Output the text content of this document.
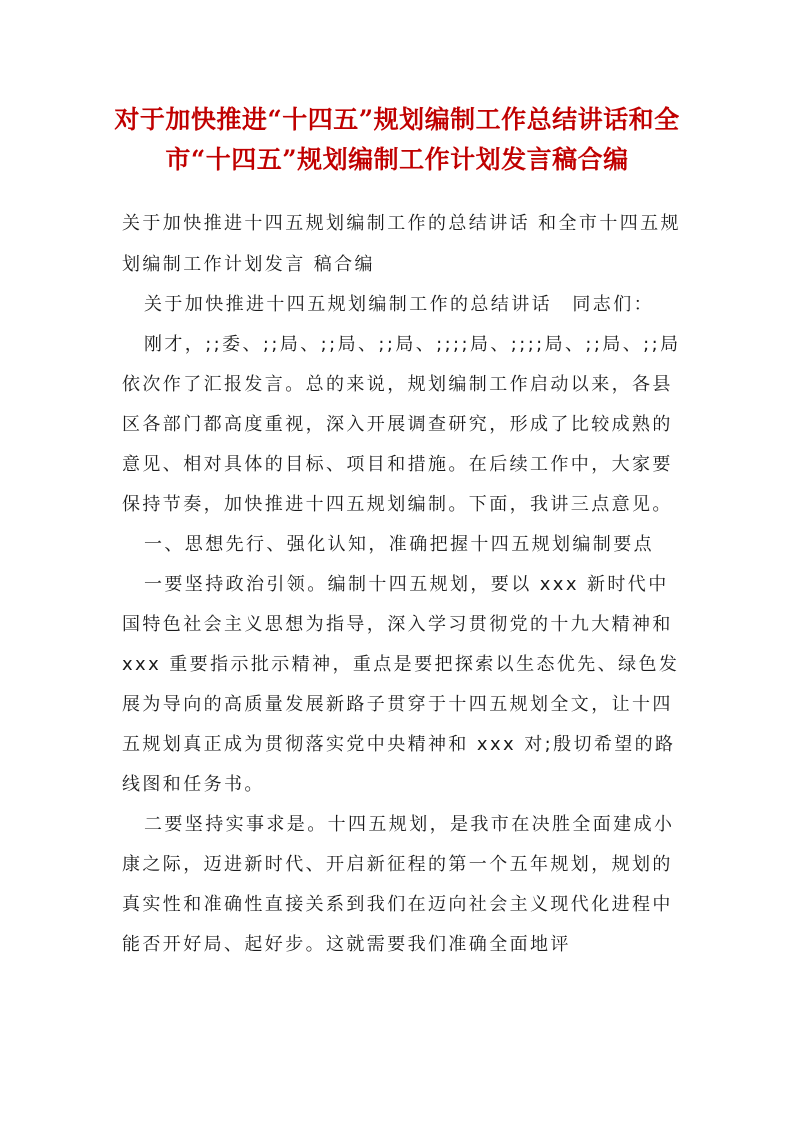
对于加快推进“十四五”规划编制工作总结讲话和全市“十四五”规划编制工作计划发言稿合编
关于加快推进十四五规划编制工作的总结讲话 和全市十四五规划编制工作计划发言 稿合编

关于加快推进十四五规划编制工作的总结讲话　同志们：

刚才，;;委、;;局、;;局、;;局、;;;;局、;;;;局、;;局、;;局依次作了汇报发言。总的来说，规划编制工作启动以来，各县区各部门都高度重视，深入开展调查研究，形成了比较成熟的意见、相对具体的目标、项目和措施。在后续工作中，大家要保持节奏，加快推进十四五规划编制。下面，我讲三点意见。

一、思想先行、强化认知，准确把握十四五规划编制要点

一要坚持政治引领。编制十四五规划，要以 xxx 新时代中国特色社会主义思想为指导，深入学习贯彻党的十九大精神和 xxx 重要指示批示精神，重点是要把探索以生态优先、绿色发展为导向的高质量发展新路子贯穿于十四五规划全文，让十四五规划真正成为贯彻落实党中央精神和 xxx 对;殷切希望的路线图和任务书。

二要坚持实事求是。十四五规划，是我市在决胜全面建成小康之际，迈进新时代、开启新征程的第一个五年规划，规划的真实性和准确性直接关系到我们在迈向社会主义现代化进程中能否开好局、起好步。这就需要我们准确全面地评
